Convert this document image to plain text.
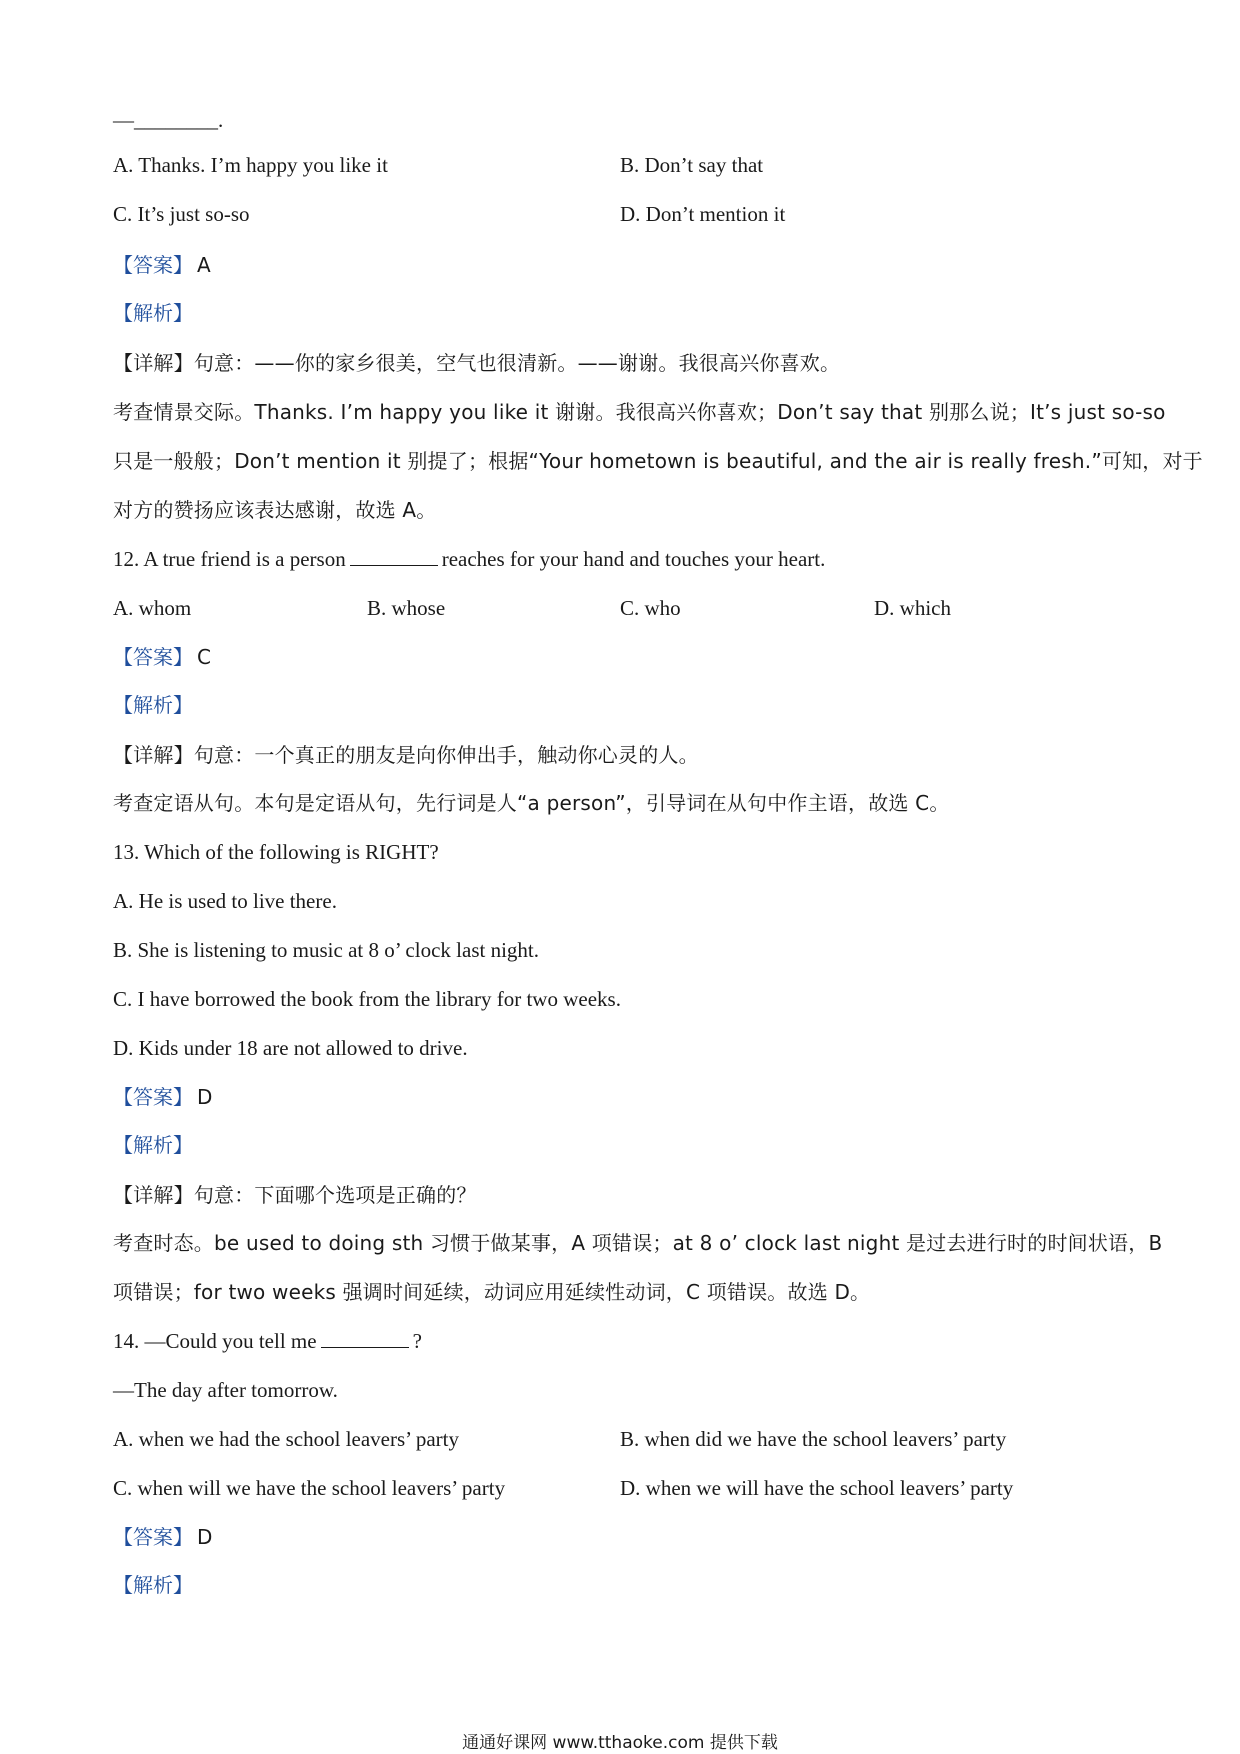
—________.
A. Thanks. I’m happy you like it	B. Don’t say that
C. It’s just so-so	D. Don’t mention it
【答案】 A
【解析】
【详解】句意：——你的家乡很美，空气也很清新。——谢谢。我很高兴你喜欢。
考查情景交际。Thanks. I’m happy you like it 谢谢。我很高兴你喜欢；Don’t say that 别那么说；It’s just so-so
只是一般般；Don’t mention it 别提了；根据“Your hometown is beautiful, and the air is really fresh.”可知，对于
对方的赞扬应该表达感谢，故选 A。
12. A true friend is a person	reaches for your hand and touches your heart.
A. whom	B. whose	C. who	D. which
【答案】 C
【解析】
【详解】句意：一个真正的朋友是向你伸出手，触动你心灵的人。
考查定语从句。本句是定语从句，先行词是人“a person”，引导词在从句中作主语，故选 C。
13. Which of the following is RIGHT?
A. He is used to live there.
B. She is listening to music at 8 o’ clock last night.
C. I have borrowed the book from the library for two weeks.
D. Kids under 18 are not allowed to drive.
【答案】 D
【解析】
【详解】句意：下面哪个选项是正确的？
考查时态。be used to doing sth 习惯于做某事，A 项错误；at 8 o’ clock last night 是过去进行时的时间状语，B
项错误；for two weeks 强调时间延续，动词应用延续性动词，C 项错误。故选 D。
14. —Could you tell me	?
—The day after tomorrow.
A. when we had the school leavers’ party	B. when did we have the school leavers’ party
C. when will we have the school leavers’ party	D. when we will have the school leavers’ party
【答案】 D
【解析】
通通好课网 www.tthaoke.com 提供下载
